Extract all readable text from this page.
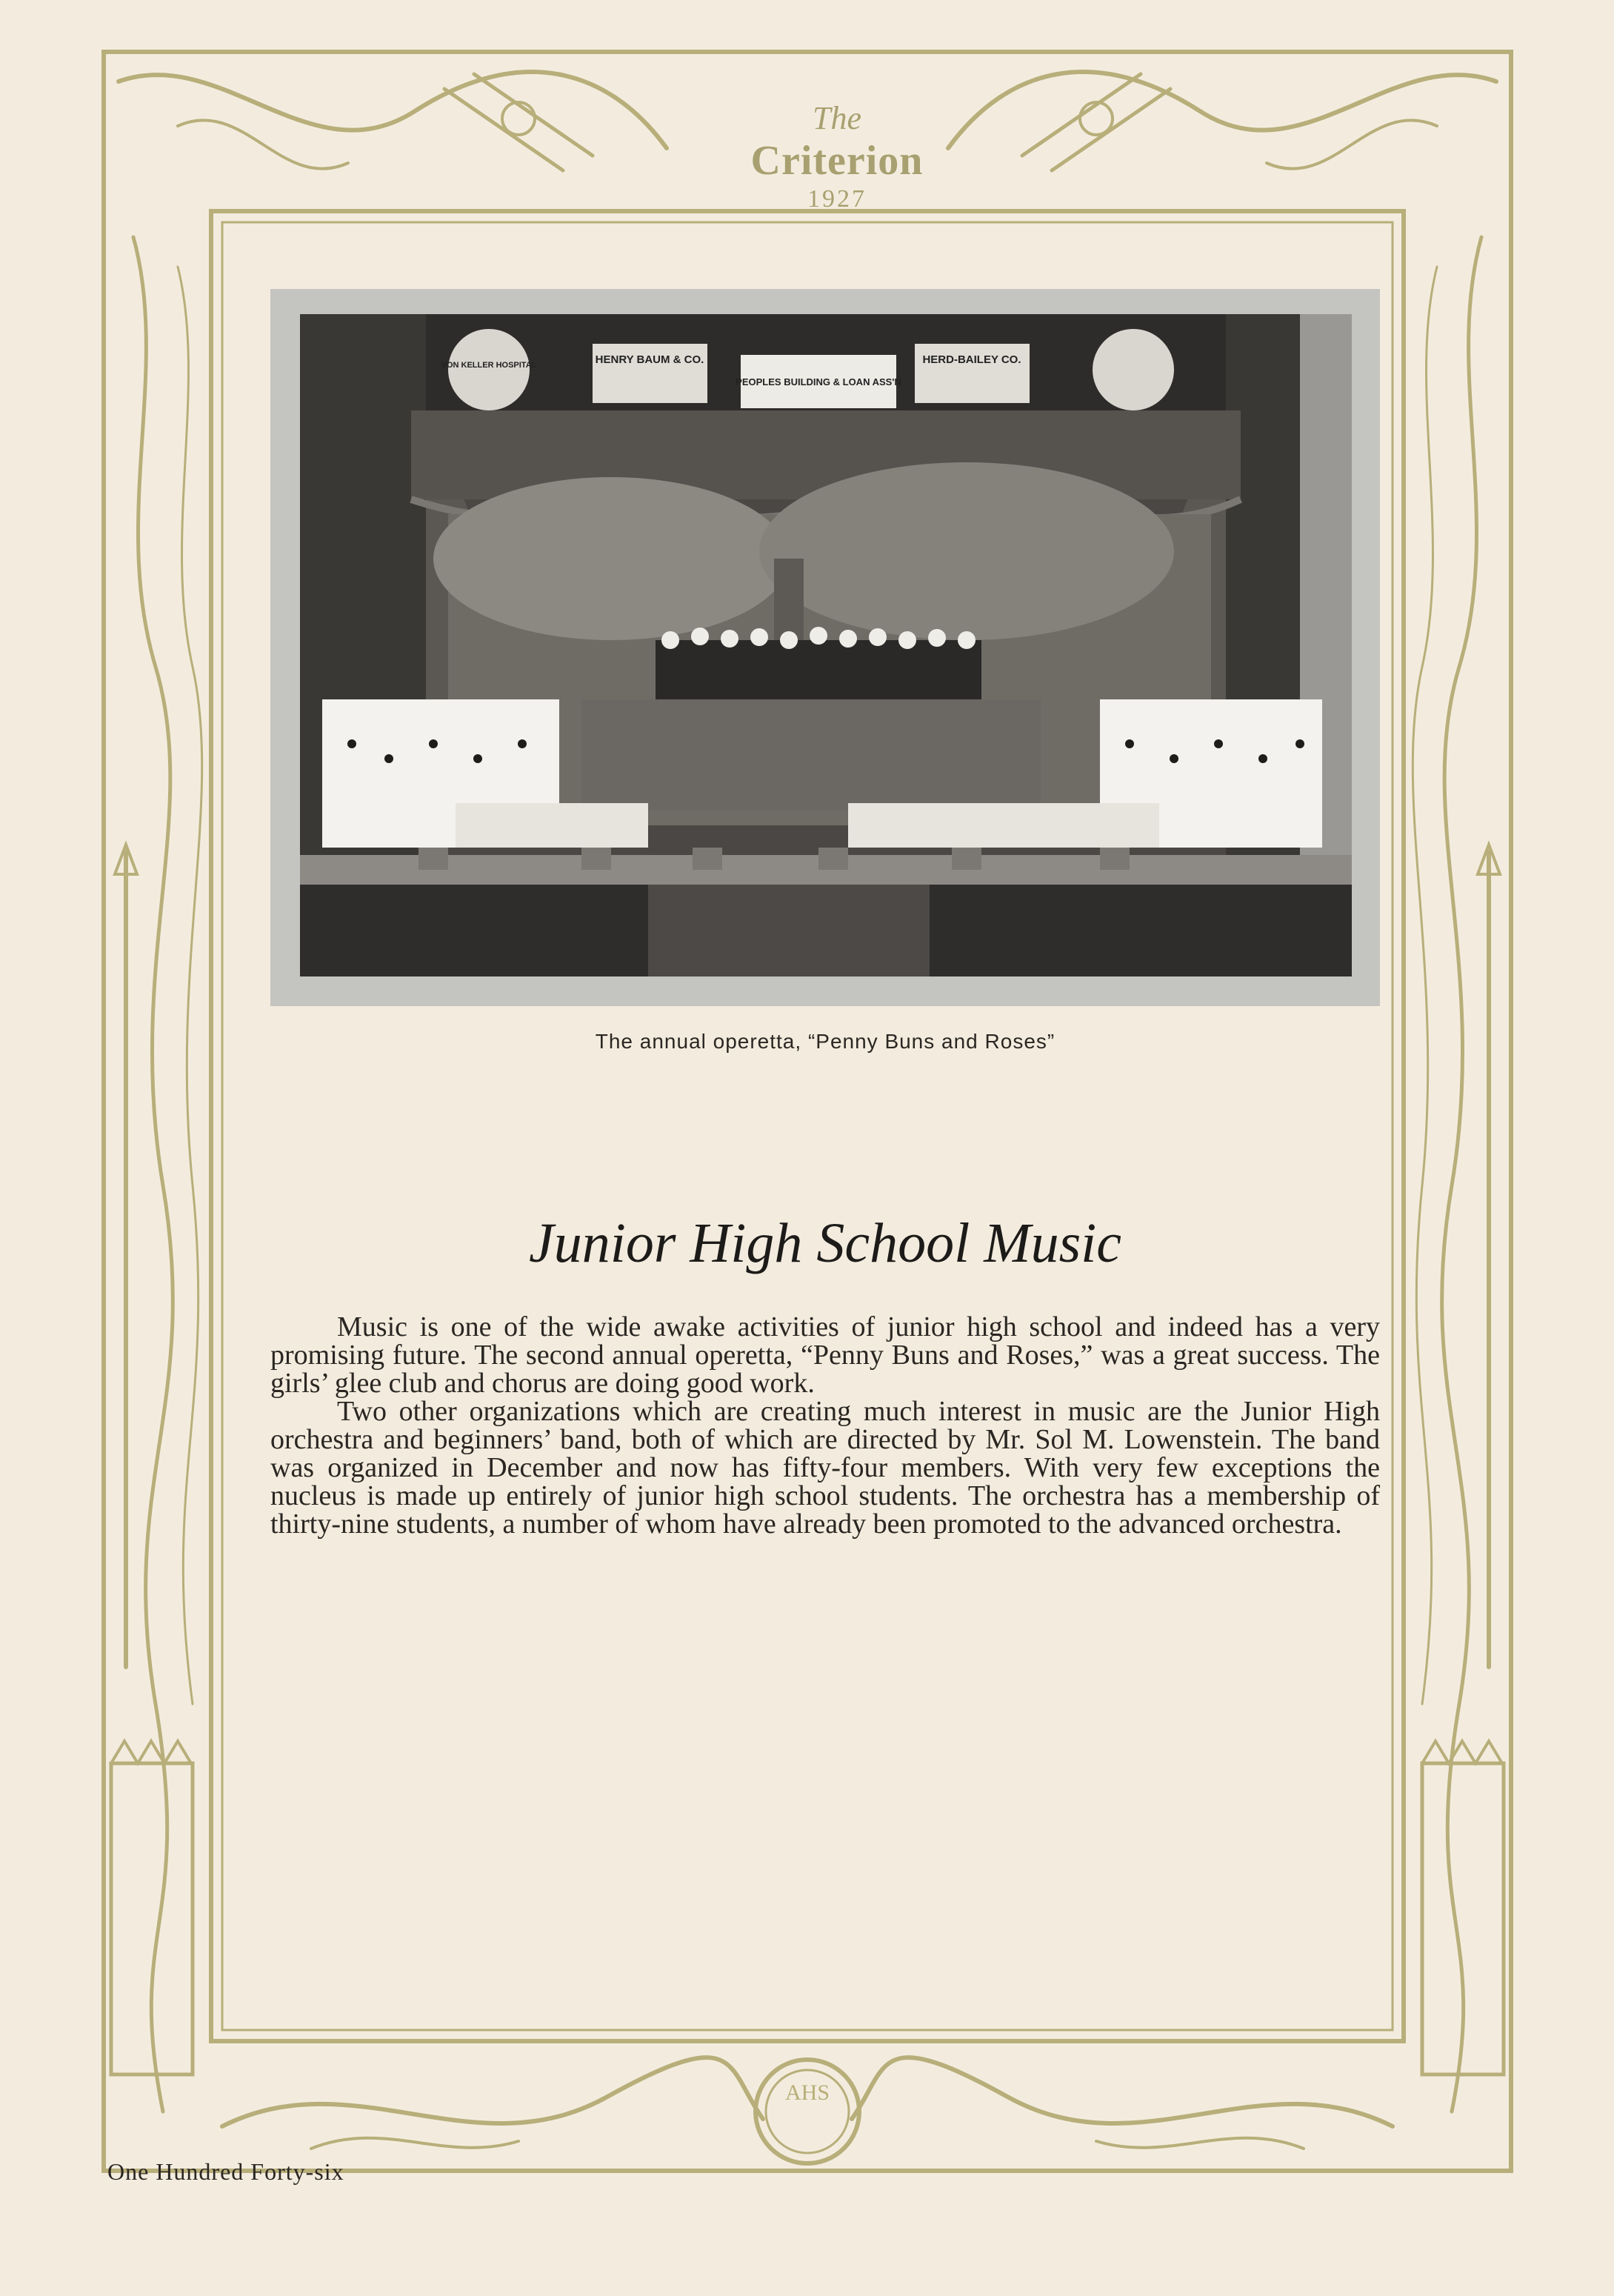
AHS
The
Criterion
1927
VON KELLER HOSPITAL	HENRY BAUM & CO.
PEOPLES BUILDING & LOAN ASS'N
HERD-BAILEY CO.
The annual operetta, “Penny Buns and Roses”
Junior High School Music

Music is one of the wide awake activities of junior high school and indeed has a very promising future. The second annual operetta, “Penny Buns and Roses,” was a great success. The girls’ glee club and chorus are doing good work.

Two other organizations which are creating much interest in music are the Junior High orchestra and beginners’ band, both of which are directed by Mr. Sol M. Lowenstein. The band was organized in December and now has fifty-four members. With very few exceptions the nucleus is made up entirely of junior high school students. The orchestra has a membership of thirty-nine students, a number of whom have already been promoted to the advanced orchestra.

One Hundred Forty-six
